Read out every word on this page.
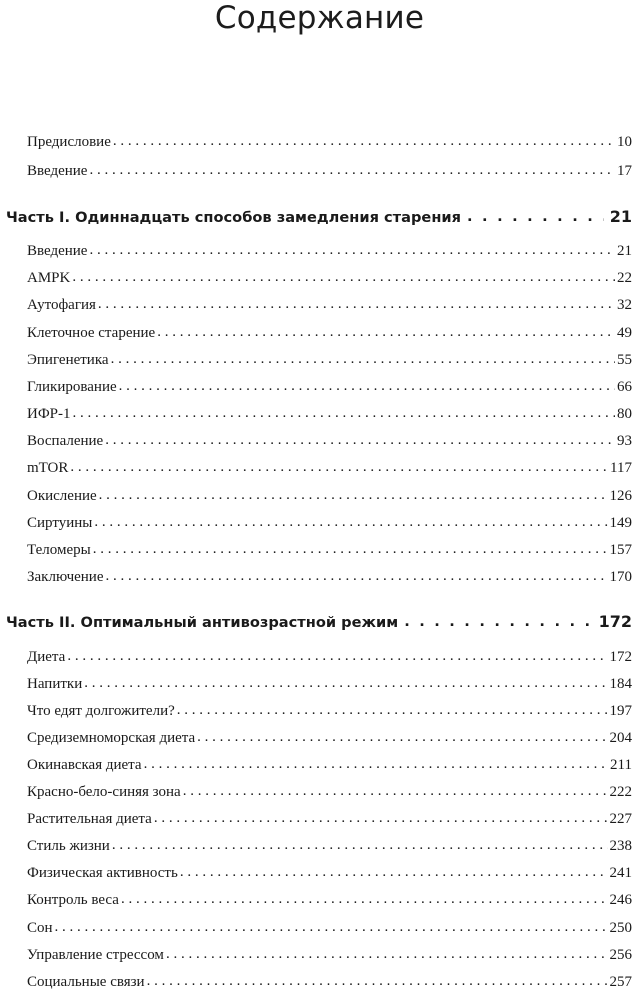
Содержание
Предисловие . . .	10
Введение . . .	17
Часть I. Одиннадцать способов замедления старения . . .	21
Введение . . .	21
AMPK . . .	22
Аутофагия . . .	32
Клеточное старение . . .	49
Эпигенетика . . .	55
Гликирование . . .	66
ИФР-1 . . .	80
Воспаление . . .	93
mTOR . . .	117
Окисление . . .	126
Сиртуины . . .	149
Теломеры . . .	157
Заключение . . .	170
Часть II. Оптимальный антивозрастной режим . . .	172
Диета . . .	172
Напитки . . .	184
Что едят долгожители? . . .	197
Средиземноморская диета . . .	204
Окинавская диета . . .	211
Красно-бело-синяя зона . . .	222
Растительная диета . . .	227
Стиль жизни . . .	238
Физическая активность . . .	241
Контроль веса . . .	246
Сон . . .	250
Управление стрессом . . .	256
Социальные связи . . .	257
